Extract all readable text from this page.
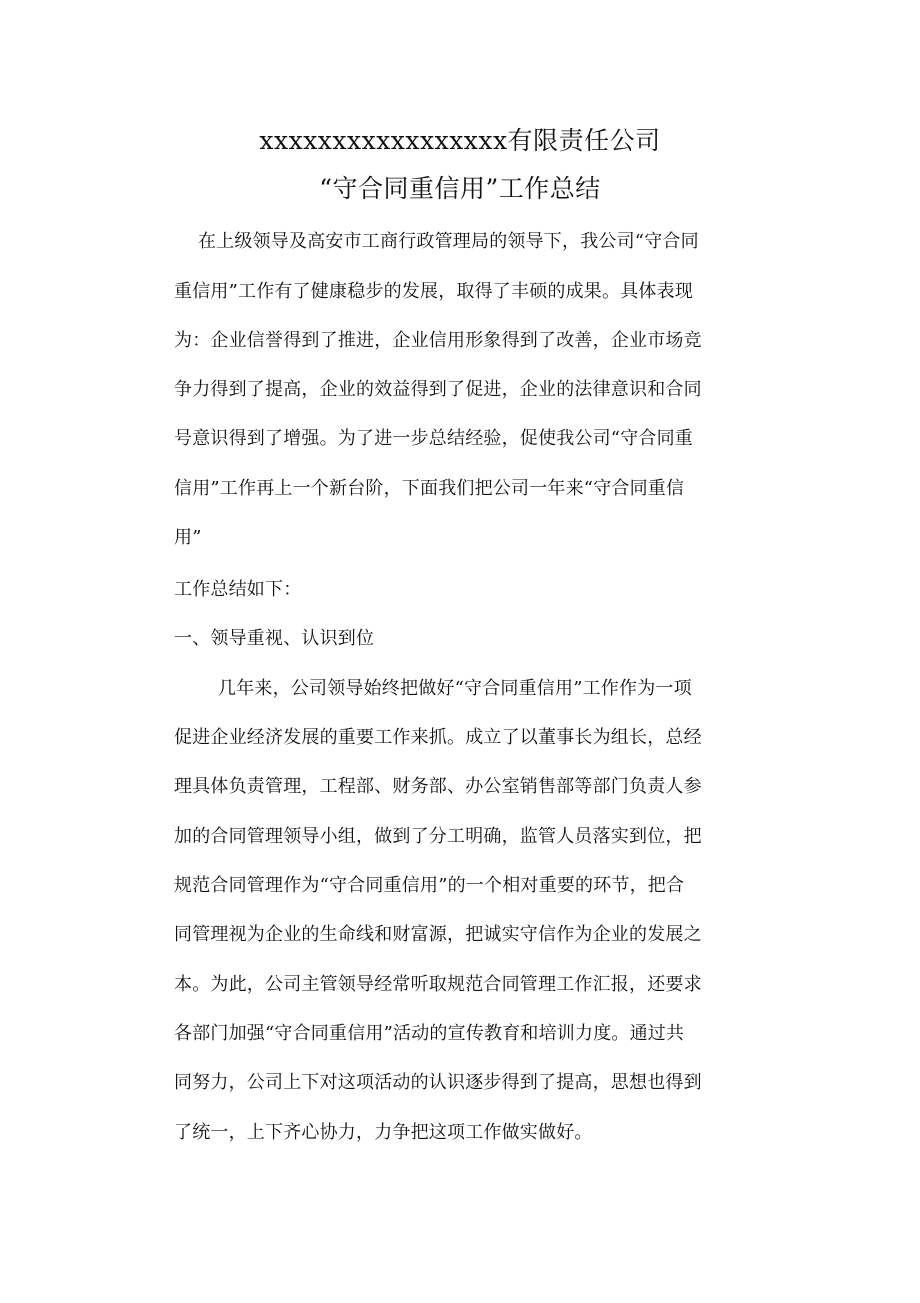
xxxxxxxxxxxxxxxxx有限责任公司
“守合同重信用”工作总结

在上级领导及高安市工商行政管理局的领导下，我公司“守合同

重信用”工作有了健康稳步的发展，取得了丰硕的成果。具体表现

为：企业信誉得到了推进，企业信用形象得到了改善，企业市场竞

争力得到了提高，企业的效益得到了促进，企业的法律意识和合同

号意识得到了增强。为了进一步总结经验，促使我公司“守合同重

信用”工作再上一个新台阶，下面我们把公司一年来“守合同重信

用”

工作总结如下：

一、领导重视、认识到位

几年来，公司领导始终把做好“守合同重信用”工作作为一项

促进企业经济发展的重要工作来抓。成立了以董事长为组长，总经

理具体负责管理，工程部、财务部、办公室销售部等部门负责人参

加的合同管理领导小组，做到了分工明确，监管人员落实到位，把

规范合同管理作为“守合同重信用”的一个相对重要的环节，把合

同管理视为企业的生命线和财富源，把诚实守信作为企业的发展之

本。为此，公司主管领导经常听取规范合同管理工作汇报，还要求

各部门加强“守合同重信用”活动的宣传教育和培训力度。通过共

同努力，公司上下对这项活动的认识逐步得到了提高，思想也得到

了统一，上下齐心协力，力争把这项工作做实做好。
